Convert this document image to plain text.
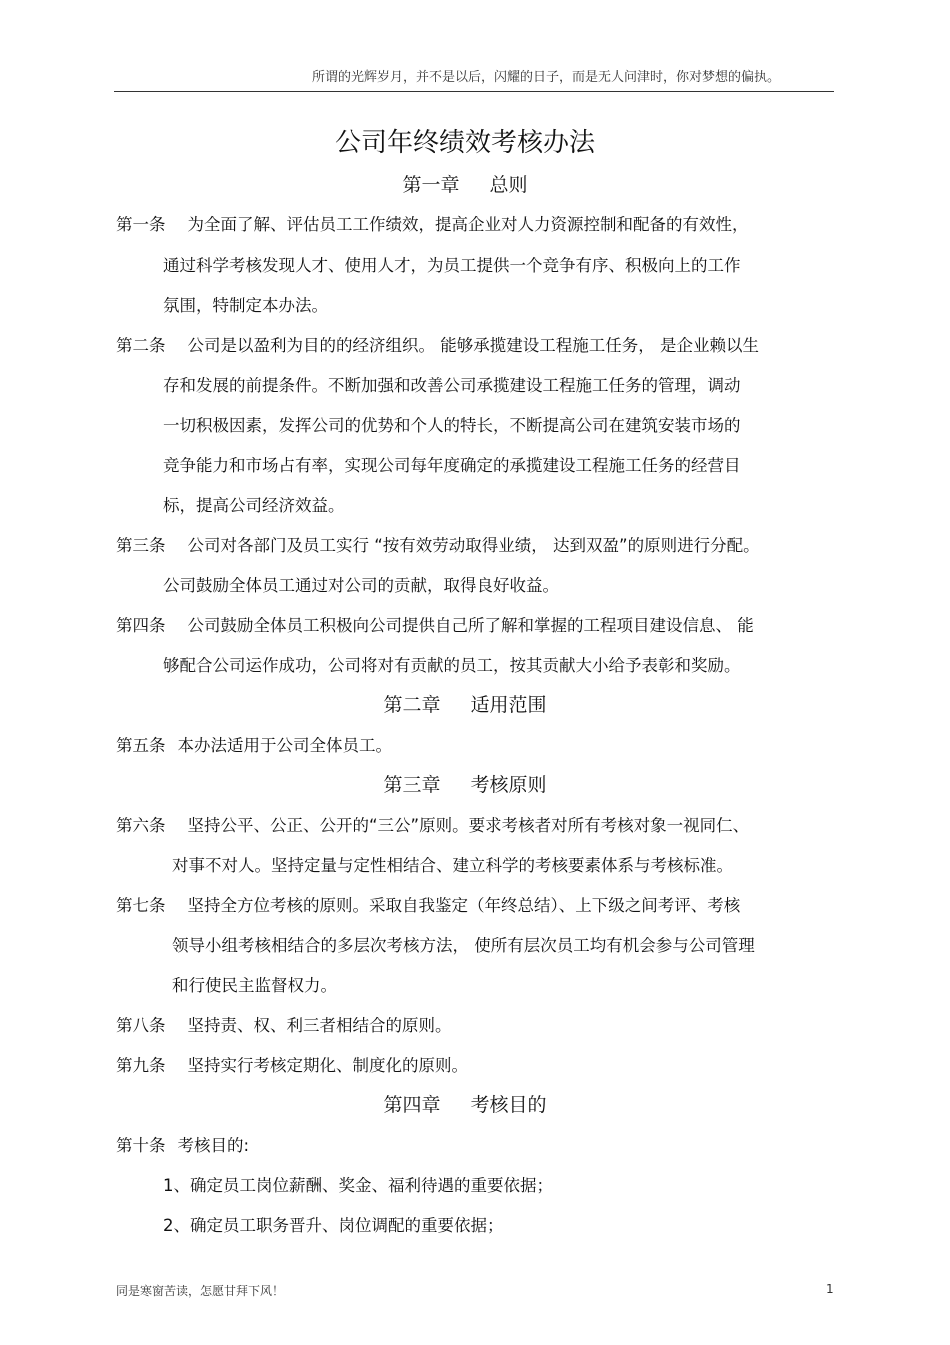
所谓的光辉岁月，并不是以后，闪耀的日子，而是无人问津时，你对梦想的偏执。
公司年终绩效考核办法
第一章 总则
第一条 为全面了解、评估员工工作绩效，提高企业对人力资源控制和配备的有效性，
通过科学考核发现人才、使用人才，为员工提供一个竞争有序、积极向上的工作
氛围，特制定本办法。
第二条 公司是以盈利为目的的经济组织。 能够承揽建设工程施工任务， 是企业赖以生
存和发展的前提条件。不断加强和改善公司承揽建设工程施工任务的管理，调动
一切积极因素，发挥公司的优势和个人的特长，不断提高公司在建筑安装市场的
竞争能力和市场占有率，实现公司每年度确定的承揽建设工程施工任务的经营目
标，提高公司经济效益。
第三条 公司对各部门及员工实行 “按有效劳动取得业绩， 达到双盈”的原则进行分配。
公司鼓励全体员工通过对公司的贡献，取得良好收益。
第四条 公司鼓励全体员工积极向公司提供自己所了解和掌握的工程项目建设信息、 能
够配合公司运作成功，公司将对有贡献的员工，按其贡献大小给予表彰和奖励。
第二章 适用范围
第五条 本办法适用于公司全体员工。
第三章 考核原则
第六条 坚持公平、公正、公开的“三公”原则。要求考核者对所有考核对象一视同仁、
对事不对人。坚持定量与定性相结合、建立科学的考核要素体系与考核标准。
第七条 坚持全方位考核的原则。采取自我鉴定（年终总结）、上下级之间考评、考核
领导小组考核相结合的多层次考核方法， 使所有层次员工均有机会参与公司管理
和行使民主监督权力。
第八条 坚持责、权、利三者相结合的原则。
第九条 坚持实行考核定期化、制度化的原则。
第四章 考核目的
第十条 考核目的:
1、确定员工岗位薪酬、奖金、福利待遇的重要依据；
2、确定员工职务晋升、岗位调配的重要依据；
同是寒窗苦读，怎愿甘拜下风！	1
